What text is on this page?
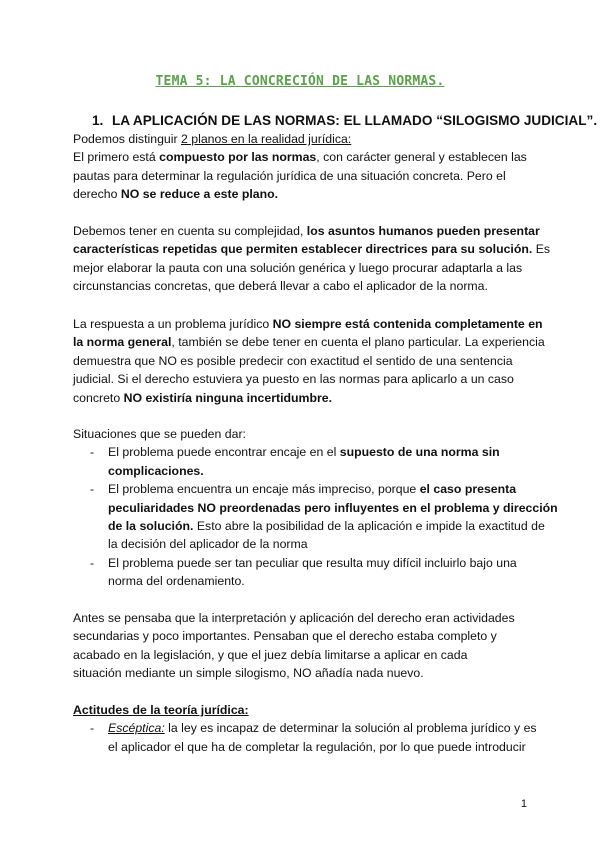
TEMA 5: LA CONCRECIÓN DE LAS NORMAS.
1. LA APLICACIÓN DE LAS NORMAS: EL LLAMADO “SILOGISMO JUDICIAL”.
Podemos distinguir 2 planos en la realidad jurídica:
El primero está compuesto por las normas, con carácter general y establecen las
pautas para determinar la regulación jurídica de una situación concreta. Pero el
derecho NO se reduce a este plano.
Debemos tener en cuenta su complejidad, los asuntos humanos pueden presentar
características repetidas que permiten establecer directrices para su solución. Es
mejor elaborar la pauta con una solución genérica y luego procurar adaptarla a las
circunstancias concretas, que deberá llevar a cabo el aplicador de la norma.
La respuesta a un problema jurídico NO siempre está contenida completamente en
la norma general, también se debe tener en cuenta el plano particular. La experiencia
demuestra que NO es posible predecir con exactitud el sentido de una sentencia
judicial. Si el derecho estuviera ya puesto en las normas para aplicarlo a un caso
concreto NO existiría ninguna incertidumbre.
Situaciones que se pueden dar:
- El problema puede encontrar encaje en el supuesto de una norma sin
complicaciones.
- El problema encuentra un encaje más impreciso, porque el caso presenta
peculiaridades NO preordenadas pero influyentes en el problema y dirección
de la solución. Esto abre la posibilidad de la aplicación e impide la exactitud de
la decisión del aplicador de la norma
- El problema puede ser tan peculiar que resulta muy difícil incluirlo bajo una
norma del ordenamiento.
Antes se pensaba que la interpretación y aplicación del derecho eran actividades
secundarias y poco importantes. Pensaban que el derecho estaba completo y
acabado en la legislación, y que el juez debía limitarse a aplicar en cada
situación mediante un simple silogismo, NO añadía nada nuevo.
Actitudes de la teoría jurídica:
- Escéptica: la ley es incapaz de determinar la solución al problema jurídico y es
el aplicador el que ha de completar la regulación, por lo que puede introducir
1
